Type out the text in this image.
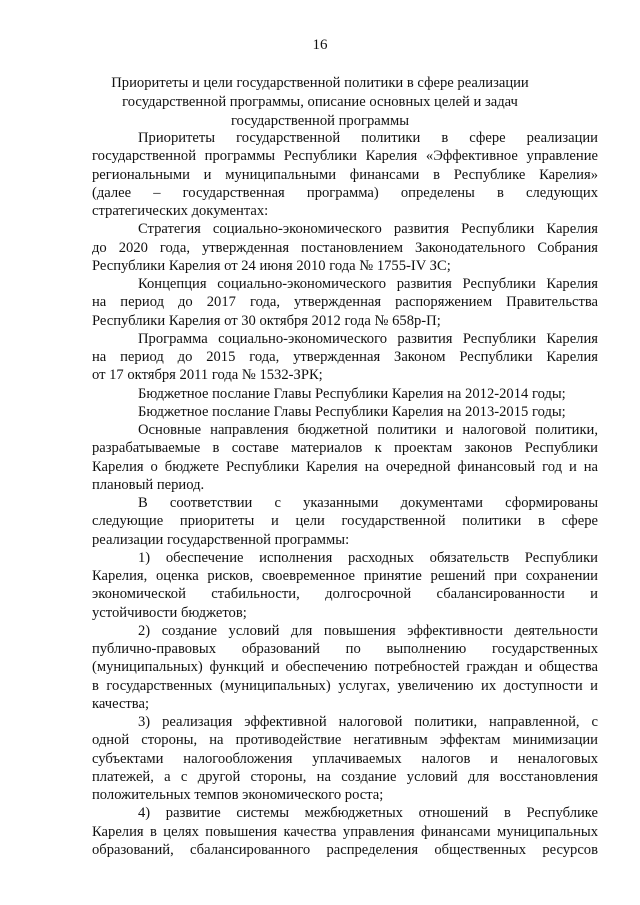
16
Приоритеты и цели государственной политики в сфере реализации
государственной программы, описание основных целей и задач
государственной программы
Приоритеты государственной политики в сфере реализации
государственной программы Республики Карелия «Эффективное управление
региональными и муниципальными финансами в Республике Карелия»
(далее – государственная программа) определены в следующих
стратегических документах:
Стратегия социально-экономического развития Республики Карелия
до 2020 года, утвержденная постановлением Законодательного Собрания
Республики Карелия от 24 июня 2010 года № 1755-IV ЗС;
Концепция социально-экономического развития Республики Карелия
на период до 2017 года, утвержденная распоряжением Правительства
Республики Карелия от 30 октября 2012 года № 658р-П;
Программа социально-экономического развития Республики Карелия
на период до 2015 года, утвержденная Законом Республики Карелия
от 17 октября 2011 года № 1532-ЗРК;
Бюджетное послание Главы Республики Карелия на 2012-2014 годы;
Бюджетное послание Главы Республики Карелия на 2013-2015 годы;
Основные направления бюджетной политики и налоговой политики,
разрабатываемые в составе материалов к проектам законов Республики
Карелия о бюджете Республики Карелия на очередной финансовый год и на
плановый период.
В соответствии с указанными документами сформированы
следующие приоритеты и цели государственной политики в сфере
реализации государственной программы:
1) обеспечение исполнения расходных обязательств Республики
Карелия, оценка рисков, своевременное принятие решений при сохранении
экономической стабильности, долгосрочной сбалансированности и
устойчивости бюджетов;
2) создание условий для повышения эффективности деятельности
публично-правовых образований по выполнению государственных
(муниципальных) функций и обеспечению потребностей граждан и общества
в государственных (муниципальных) услугах, увеличению их доступности и
качества;
3) реализация эффективной налоговой политики, направленной, с
одной стороны, на противодействие негативным эффектам минимизации
субъектами налогообложения уплачиваемых налогов и неналоговых
платежей, а с другой стороны, на создание условий для восстановления
положительных темпов экономического роста;
4) развитие системы межбюджетных отношений в Республике
Карелия в целях повышения качества управления финансами муниципальных
образований, сбалансированного распределения общественных ресурсов
